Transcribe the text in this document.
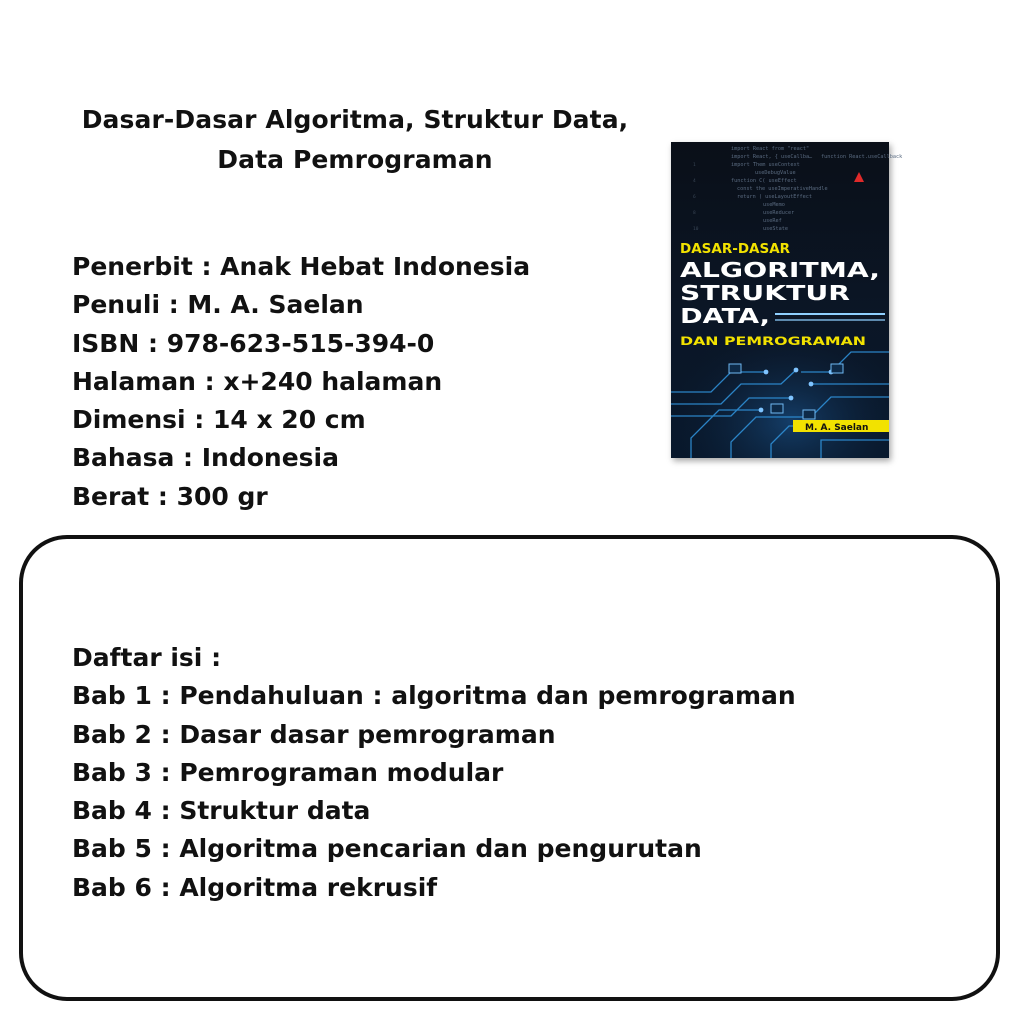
Dasar-Dasar Algoritma, Struktur Data,
Data Pemrograman
Penerbit : Anak Hebat Indonesia
Penuli : M. A. Saelan
ISBN : 978-623-515-394-0
Halaman : x+240 halaman
Dimensi : 14 x 20 cm
Bahasa : Indonesia
Berat : 300 gr
import React from "react"
import React, { useCallba…
import Them useContext
useDebugValue
function C( useEffect
const the useImperativeHandle
return ( useLayoutEffect
useMemo
useReducer
useRef
useState
function React.useCallback
1
4
6
8
10
DASAR-DASAR
ALGORITMA,
STRUKTUR
DATA,
DAN PEMROGRAMAN
M. A. Saelan
Daftar isi :
Bab 1 : Pendahuluan : algoritma dan pemrograman
Bab 2 : Dasar dasar pemrograman
Bab 3 : Pemrograman modular
Bab 4 : Struktur data
Bab 5 : Algoritma pencarian dan pengurutan
Bab 6 : Algoritma rekrusif
